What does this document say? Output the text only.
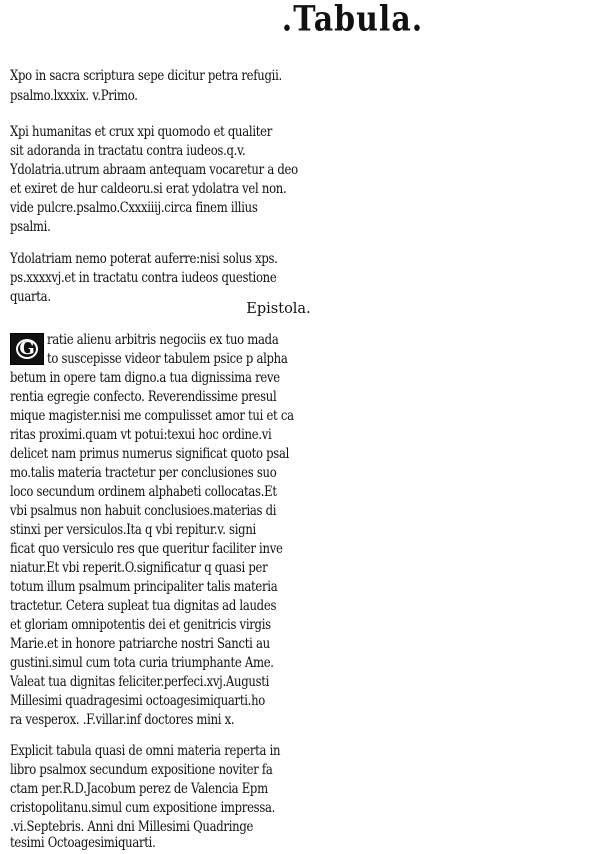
.Tabula.
Xpo in sacra scriptura sepe dicitur petra refugii.
psalmo.lxxxix. v.Primo.
Xpi humanitas et crux xpi quomodo et qualiter
sit adoranda in tractatu contra iudeos.q.v.
Ydolatria.utrum abraam antequam vocaretur a deo
et exiret de hur caldeoru.si erat ydolatra vel non.
vide pulcre.psalmo.Cxxxiiij.circa finem illius
psalmi.
Ydolatriam nemo poterat auferre:nisi solus xps.
ps.xxxxvj.et in tractatu contra iudeos questione
quarta.
Epistola.
G ratie alienu arbitris negociis ex tuo mada
to suscepisse videor tabulem psice p alpha
betum in opere tam digno.a tua dignissima reve
rentia egregie confecto. Reverendissime presul
mique magister.nisi me compulisset amor tui et ca
ritas proximi.quam vt potui:texui hoc ordine.vi
delicet nam primus numerus significat quoto psal
mo.talis materia tractetur per conclusiones suo
loco secundum ordinem alphabeti collocatas.Et
vbi psalmus non habuit conclusioes.materias di
stinxi per versiculos.Ita q vbi repitur.v. signi
ficat quo versiculo res que queritur faciliter inve
niatur.Et vbi reperit.O.significatur q quasi per
totum illum psalmum principaliter talis materia
tractetur. Cetera supleat tua dignitas ad laudes
et gloriam omnipotentis dei et genitricis virgis
Marie.et in honore patriarche nostri Sancti au
gustini.simul cum tota curia triumphante Ame.
Valeat tua dignitas feliciter.perfeci.xvj.Augusti
Millesimi quadragesimi octoagesimiquarti.ho
ra vesperox. .F.villar.inf doctores mini x.
Explicit tabula quasi de omni materia reperta in
libro psalmox secundum expositione noviter fa
ctam per.R.D.Jacobum perez de Valencia Epm
cristopolitanu.simul cum expositione impressa.
.vi.Septebris. Anni dni Millesimi Quadringe
tesimi Octoagesimiquarti.
